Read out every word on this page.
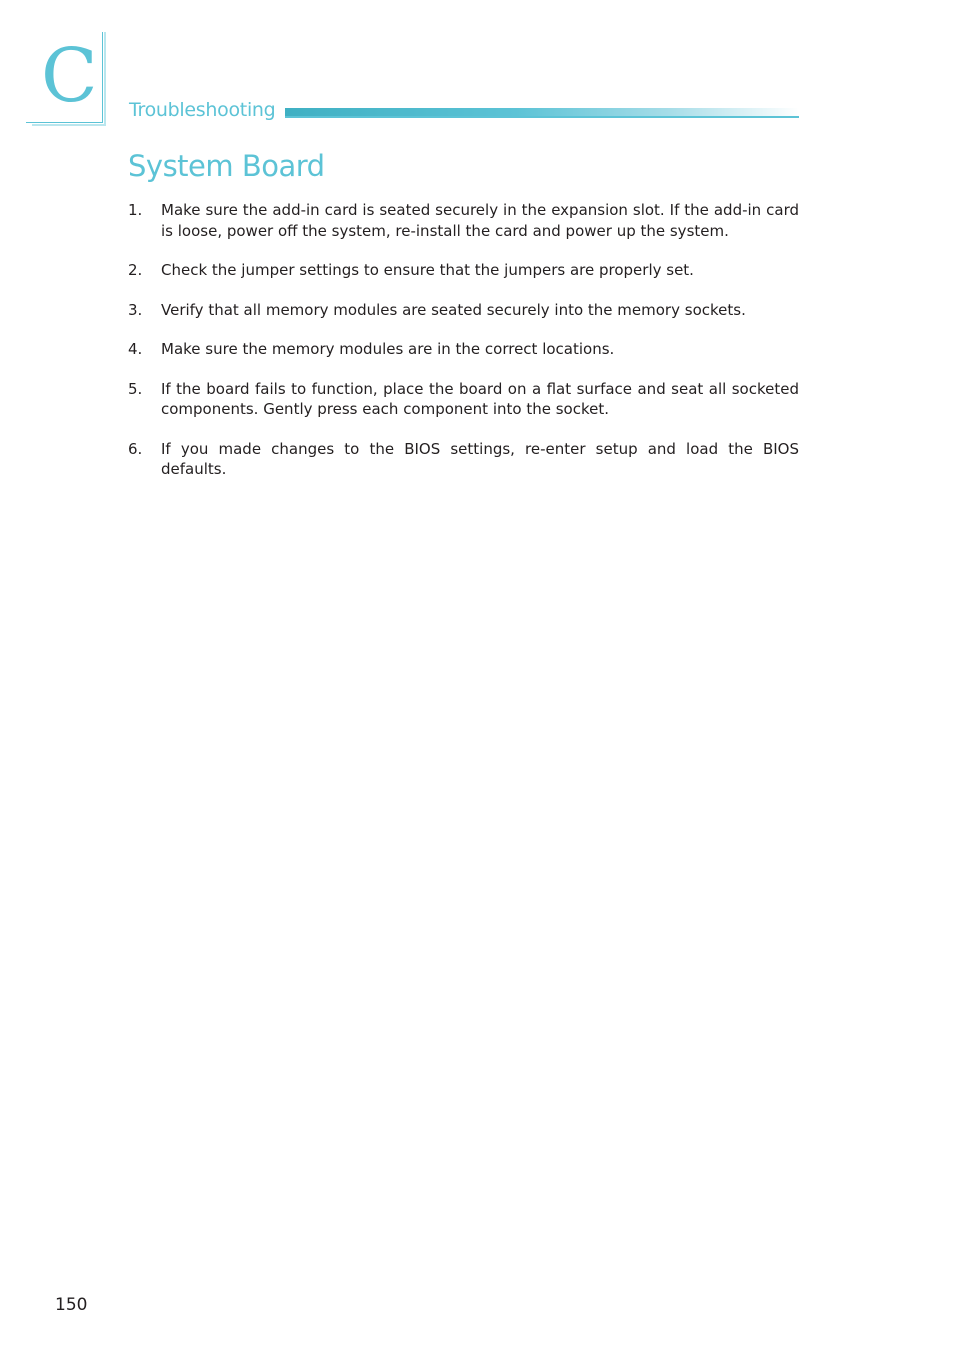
C Troubleshooting
System Board
1. Make sure the add-in card is seated securely in the expansion slot. If the add-in card is loose, power off the system, re-install the card and power up the system.
2. Check the jumper settings to ensure that the jumpers are properly set.
3. Verify that all memory modules are seated securely into the memory sockets.
4. Make sure the memory modules are in the correct locations.
5. If the board fails to function, place the board on a flat surface and seat all socketed components. Gently press each component into the socket.
6. If you made changes to the BIOS settings, re-enter setup and load the BIOS defaults.
150
